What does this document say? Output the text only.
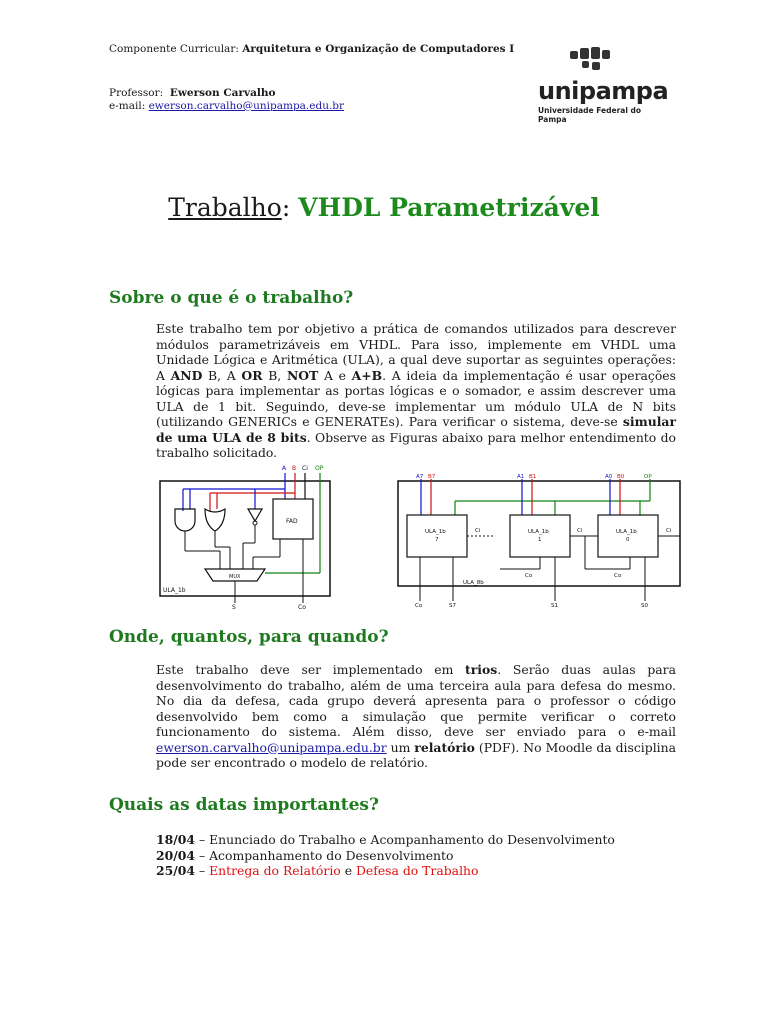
Componente Curricular: Arquitetura e Organização de Computadores I
Professor: Ewerson Carvalho
e-mail: ewerson.carvalho@unipampa.edu.br
unipampa
Universidade Federal do Pampa
Trabalho: VHDL Parametrizável
Sobre o que é o trabalho?
Este trabalho tem por objetivo a prática de comandos utilizados para descrever módulos parametrizáveis em VHDL. Para isso, implemente em VHDL uma Unidade Lógica e Aritmética (ULA), a qual deve suportar as seguintes operações: A AND B, A OR B, NOT A e A+B. A ideia da implementação é usar operações lógicas para implementar as portas lógicas e o somador, e assim descrever uma ULA de 1 bit. Seguindo, deve-se implementar um módulo ULA de N bits (utilizando GENERICs e GENERATEs). Para verificar o sistema, deve-se simular de uma ULA de 8 bits. Observe as Figuras abaixo para melhor entendimento do trabalho solicitado.
A B Ci OP
FAD
MUX
ULA_1b
S	Co
A7 B7	A1 B1	A0 B0	OP
ULA_1b
7
ULA_1b
1
ULA_1b
0
Ci	Ci	Ci
Co	Co
ULA_8b
Co	S7	S1	S0
Onde, quantos, para quando?
Este trabalho deve ser implementado em trios. Serão duas aulas para desenvolvimento do trabalho, além de uma terceira aula para defesa do mesmo. No dia da defesa, cada grupo deverá apresenta para o professor o código desenvolvido bem como a simulação que permite verificar o correto funcionamento do sistema. Além disso, deve ser enviado para o e-mail ewerson.carvalho@unipampa.edu.br um relatório (PDF). No Moodle da disciplina pode ser encontrado o modelo de relatório.
Quais as datas importantes?
18/04 – Enunciado do Trabalho e Acompanhamento do Desenvolvimento
20/04 – Acompanhamento do Desenvolvimento
25/04 – Entrega do Relatório e Defesa do Trabalho
